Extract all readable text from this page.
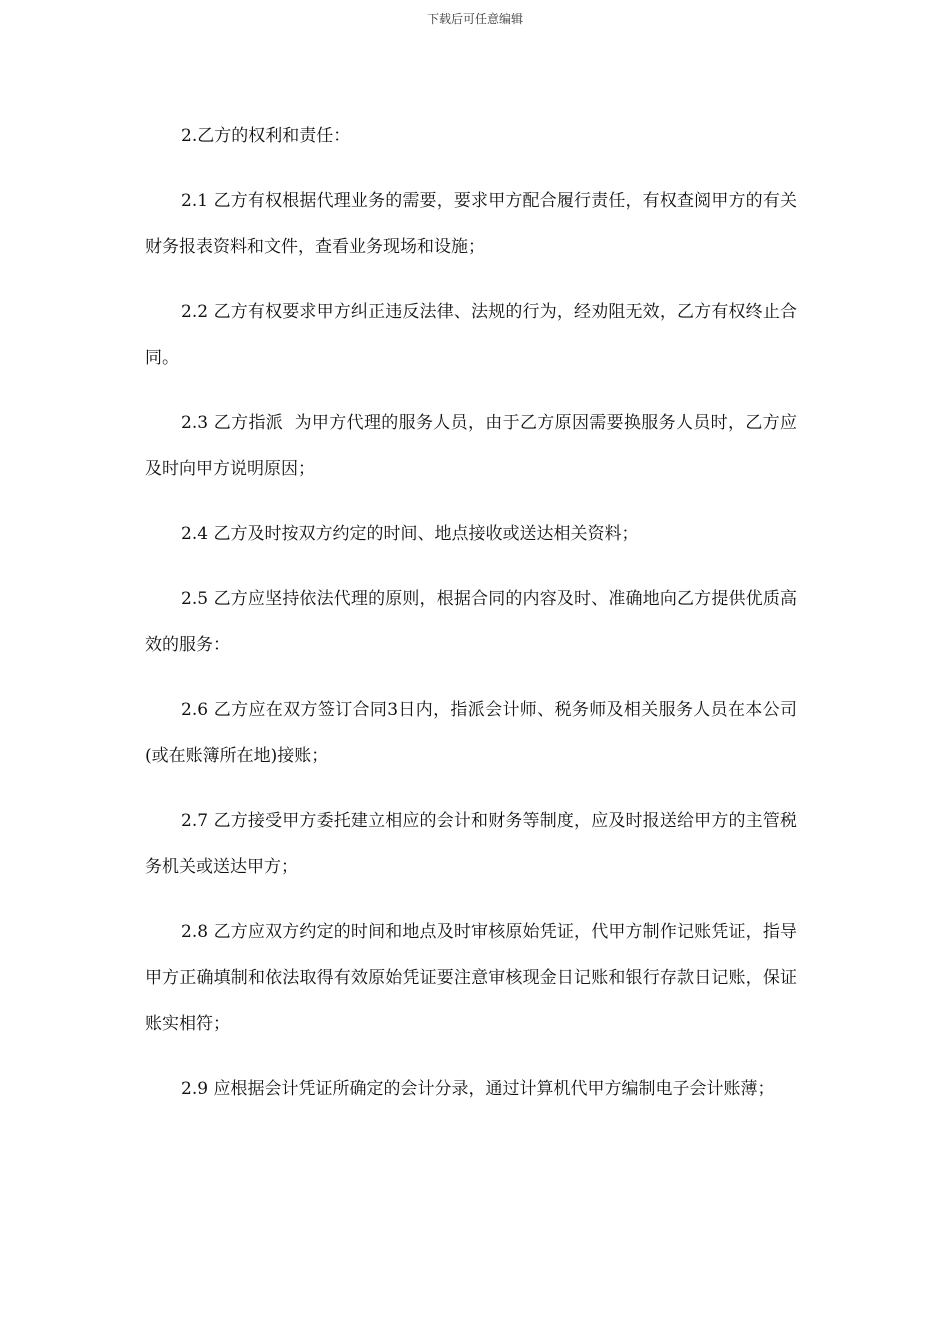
下载后可任意编辑

2.乙方的权利和责任：

2.1 乙方有权根据代理业务的需要，要求甲方配合履行责任，有权查阅甲方的有关财务报表资料和文件，查看业务现场和设施；

2.2 乙方有权要求甲方纠正违反法律、法规的行为，经劝阻无效，乙方有权终止合同。

2.3 乙方指派  为甲方代理的服务人员，由于乙方原因需要换服务人员时，乙方应及时向甲方说明原因；

2.4 乙方及时按双方约定的时间、地点接收或送达相关资料；

2.5 乙方应坚持依法代理的原则，根据合同的内容及时、准确地向乙方提供优质高效的服务：

2.6 乙方应在双方签订合同3日内，指派会计师、税务师及相关服务人员在本公司(或在账簿所在地)接账；

2.7 乙方接受甲方委托建立相应的会计和财务等制度，应及时报送给甲方的主管税务机关或送达甲方；

2.8 乙方应双方约定的时间和地点及时审核原始凭证，代甲方制作记账凭证，指导甲方正确填制和依法取得有效原始凭证要注意审核现金日记账和银行存款日记账，保证账实相符；

2.9 应根据会计凭证所确定的会计分录，通过计算机代甲方编制电子会计账薄；
